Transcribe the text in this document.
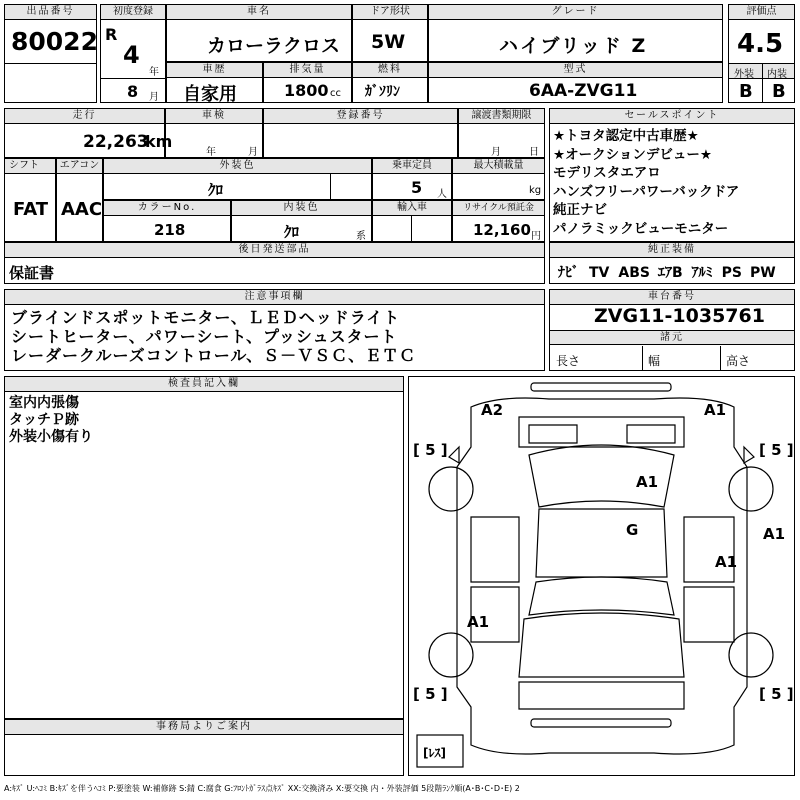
出品番号
80022
初度登録
R
4
年
8 月
車名
カローラクロス
ドア形状
5W
グレード
ハイブリッド Z
評価点
4.5
外装 内装
B B
車歴
自家用
排気量
1800 cc
燃料
ｶﾞｿﾘﾝ
型式
6AA-ZVG11
走行
22,263
km
車検
年	月
登録番号	譲渡書類期限
月	日
セールスポイント
★トヨタ認定中古車歴★
★オークションデビュー★
モデリスタエアロ
ハンズフリーパワーバックドア
純正ナビ
パノラミックビューモニター
シフト
FAT
エアコン
AAC
外装色
ｸﾛ
乗車定員
5 人
最大積載量
kg
カラーNo.
218
内装色
ｸﾛ	系
輸入車	リサイクル預託金
12,160 円
後日発送部品
保証書
純正装備
ﾅﾋﾞ TV ABS ｴｱB ｱﾙﾐ PS PW
注意事項欄
ブラインドスポットモニター、ＬＥＤヘッドライト
シートヒーター、パワーシート、プッシュスタート
レーダークルーズコントロール、Ｓ－ＶＳＣ、ＥＴＣ
車台番号
ZVG11-1035761
諸元
長さ	幅	高さ
検査員記入欄
室内内張傷
タッチＰ跡
外装小傷有り
事務局よりご案内
A2	A1
A1
G	A1
A1
A1
[ 5 ]	[ 5 ]
[ 5 ]	[ 5 ]
[ﾚｽ]
A:ｷｽﾞ U:ﾍｺﾐ B:ｷｽﾞを伴うﾍｺﾐ P:要塗装 W:補修跡 S:錆 C:腐食 G:ﾌﾛﾝﾄｶﾞﾗｽ点ｷｽﾞ XX:交換済み X:要交換 内・外装評価 5段階ﾗﾝｸ順(A･B･C･D･E) 2
